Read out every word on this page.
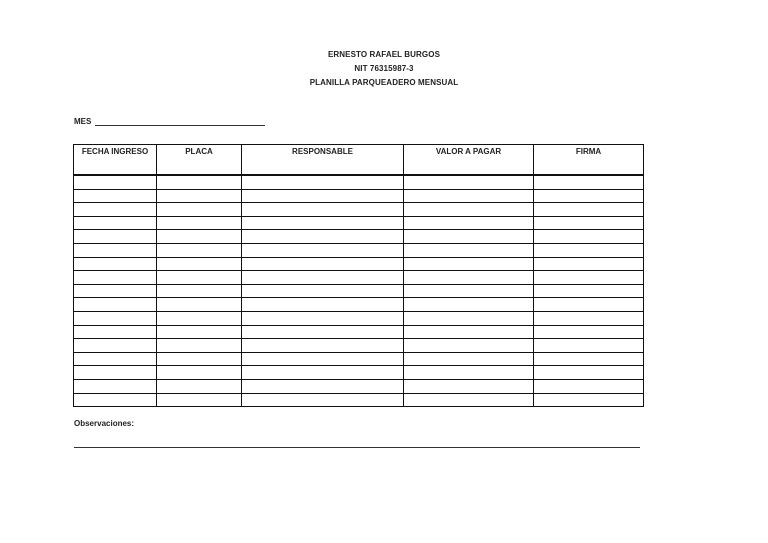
ERNESTO RAFAEL BURGOS
NIT 76315987-3
PLANILLA PARQUEADERO MENSUAL
MES
FECHA INGRESO	PLACA	RESPONSABLE	VALOR A PAGAR	FIRMA

Observaciones:
